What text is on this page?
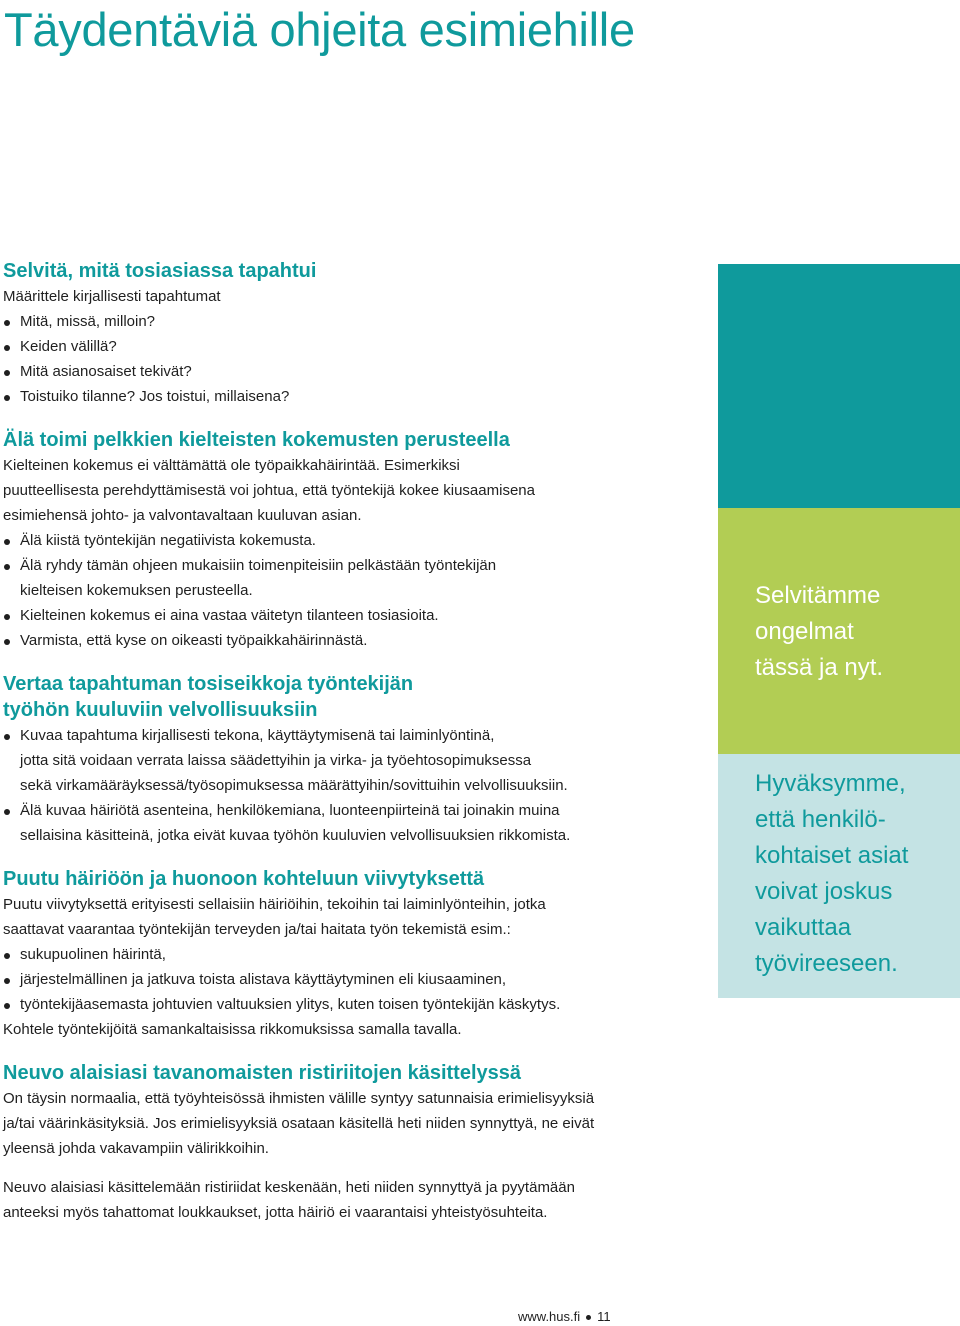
Täydentäviä ohjeita esimiehille
Selvitä, mitä tosiasiassa tapahtui

Määrittele kirjallisesti tapahtumat

Mitä, missä, milloin?
Keiden välillä?
Mitä asianosaiset tekivät?
Toistuiko tilanne? Jos toistui, millaisena?
Älä toimi pelkkien kielteisten kokemusten perusteella

Kielteinen kokemus ei välttämättä ole työpaikkahäirintää. Esimerkiksi
puutteellisesta perehdyttämisestä voi johtua, että työntekijä kokee kiusaamisena
esimiehensä johto- ja valvontavaltaan kuuluvan asian.

Älä kiistä työntekijän negatiivista kokemusta.
Älä ryhdy tämän ohjeen mukaisiin toimenpiteisiin pelkästään työntekijän
kielteisen kokemuksen perusteella.
Kielteinen kokemus ei aina vastaa väitetyn tilanteen tosiasioita.
Varmista, että kyse on oikeasti työpaikkahäirinnästä.
Vertaa tapahtuman tosiseikkoja työntekijän
työhön kuuluviin velvollisuuksiin
Kuvaa tapahtuma kirjallisesti tekona, käyttäytymisenä tai laiminlyöntinä,
jotta sitä voidaan verrata laissa säädettyihin ja virka- ja työehtosopimuksessa
sekä virkamääräyksessä/työsopimuksessa määrättyihin/sovittuihin velvollisuuksiin.
Älä kuvaa häiriötä asenteina, henkilökemiana, luonteenpiirteinä tai joinakin muina
sellaisina käsitteinä, jotka eivät kuvaa työhön kuuluvien velvollisuuksien rikkomista.
Puutu häiriöön ja huonoon kohteluun viivytyksettä

Puutu viivytyksettä erityisesti sellaisiin häiriöihin, tekoihin tai laiminlyönteihin, jotka
saattavat vaarantaa työntekijän terveyden ja/tai haitata työn tekemistä esim.:

sukupuolinen häirintä,
järjestelmällinen ja jatkuva toista alistava käyttäytyminen eli kiusaaminen,
työntekijäasemasta johtuvien valtuuksien ylitys, kuten toisen työntekijän käskytys.

Kohtele työntekijöitä samankaltaisissa rikkomuksissa samalla tavalla.

Neuvo alaisiasi tavanomaisten ristiriitojen käsittelyssä

On täysin normaalia, että työyhteisössä ihmisten välille syntyy satunnaisia erimielisyyksiä
ja/tai väärinkäsityksiä. Jos erimielisyyksiä osataan käsitellä heti niiden synnyttyä, ne eivät
yleensä johda vakavampiin välirikkoihin.

Neuvo alaisiasi käsittelemään ristiriidat keskenään, heti niiden synnyttyä ja pyytämään
anteeksi myös tahattomat loukkaukset, jotta häiriö ei vaarantaisi yhteistyösuhteita.

Selvitämme
ongelmat
tässä ja nyt.
Hyväksymme,
että henkilö-
kohtaiset asiat
voivat joskus
vaikuttaa
työvireeseen.
www.hus.fi 11
